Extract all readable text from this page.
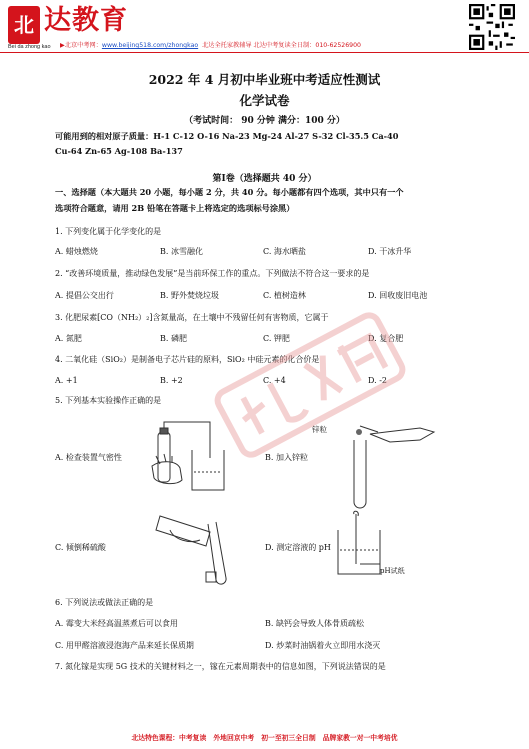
北 达教育
Bei da zhong kao ▶北京中考网：www.beijing518.com/zhongkao 北达全托家教辅导 北达中考复读全日制：010-62526900
2022 年 4 月初中毕业班中考适应性测试
化学试卷
（考试时间： 90 分钟 满分：100 分）
可能用到的相对原子质量：H-1 C-12 O-16 Na-23 Mg-24 Al-27 S-32 Cl-35.5 Ca-40
Cu-64 Zn-65 Ag-108 Ba-137
第Ⅰ卷（选择题共 40 分）
一、选择题（本大题共 20 小题，每小题 2 分，共 40 分。每小题都有四个选项，其中只有一个
选项符合题意，请用 2B 铅笔在答题卡上将选定的选项标号涂黑）
1. 下列变化属于化学变化的是
A. 蜡烛燃烧	B. 冰雪融化	C. 海水晒盐	D. 干冰升华
2. “改善环境质量，推动绿色发展”是当前环保工作的重点。下列做法不符合这一要求的是
A. 提倡公交出行	B. 野外焚烧垃圾	C. 植树造林	D. 回收废旧电池
3. 化肥尿素[CO（NH₂）₂]含氮量高，在土壤中不残留任何有害物质，它属于
A. 氮肥	B. 磷肥	C. 钾肥	D. 复合肥
4. 二氧化硅（SiO₂）是制备电子芯片硅的原料，SiO₂ 中硅元素的化合价是
A. +1	B. +2	C. +4	D. -2
5. 下列基本实验操作正确的是
A. 检查装置气密性
锌粒
B. 加入锌粒
C. 倾倒稀硫酸
pH试纸
D. 测定溶液的 pH
6. 下列说法或做法正确的是
A. 霉变大米经高温蒸煮后可以食用	B. 缺钙会导致人体骨质疏松
C. 用甲醛溶液浸泡海产品来延长保质期	D. 炒菜时油锅着火立即用水浇灭
7. 氮化镓是实现 5G 技术的关键材料之一，镓在元素周期表中的信息如图，下列说法错误的是
北达特色课程：中考复读 外地回京中考 初一至初三全日制 品牌家教一对一中考培优
